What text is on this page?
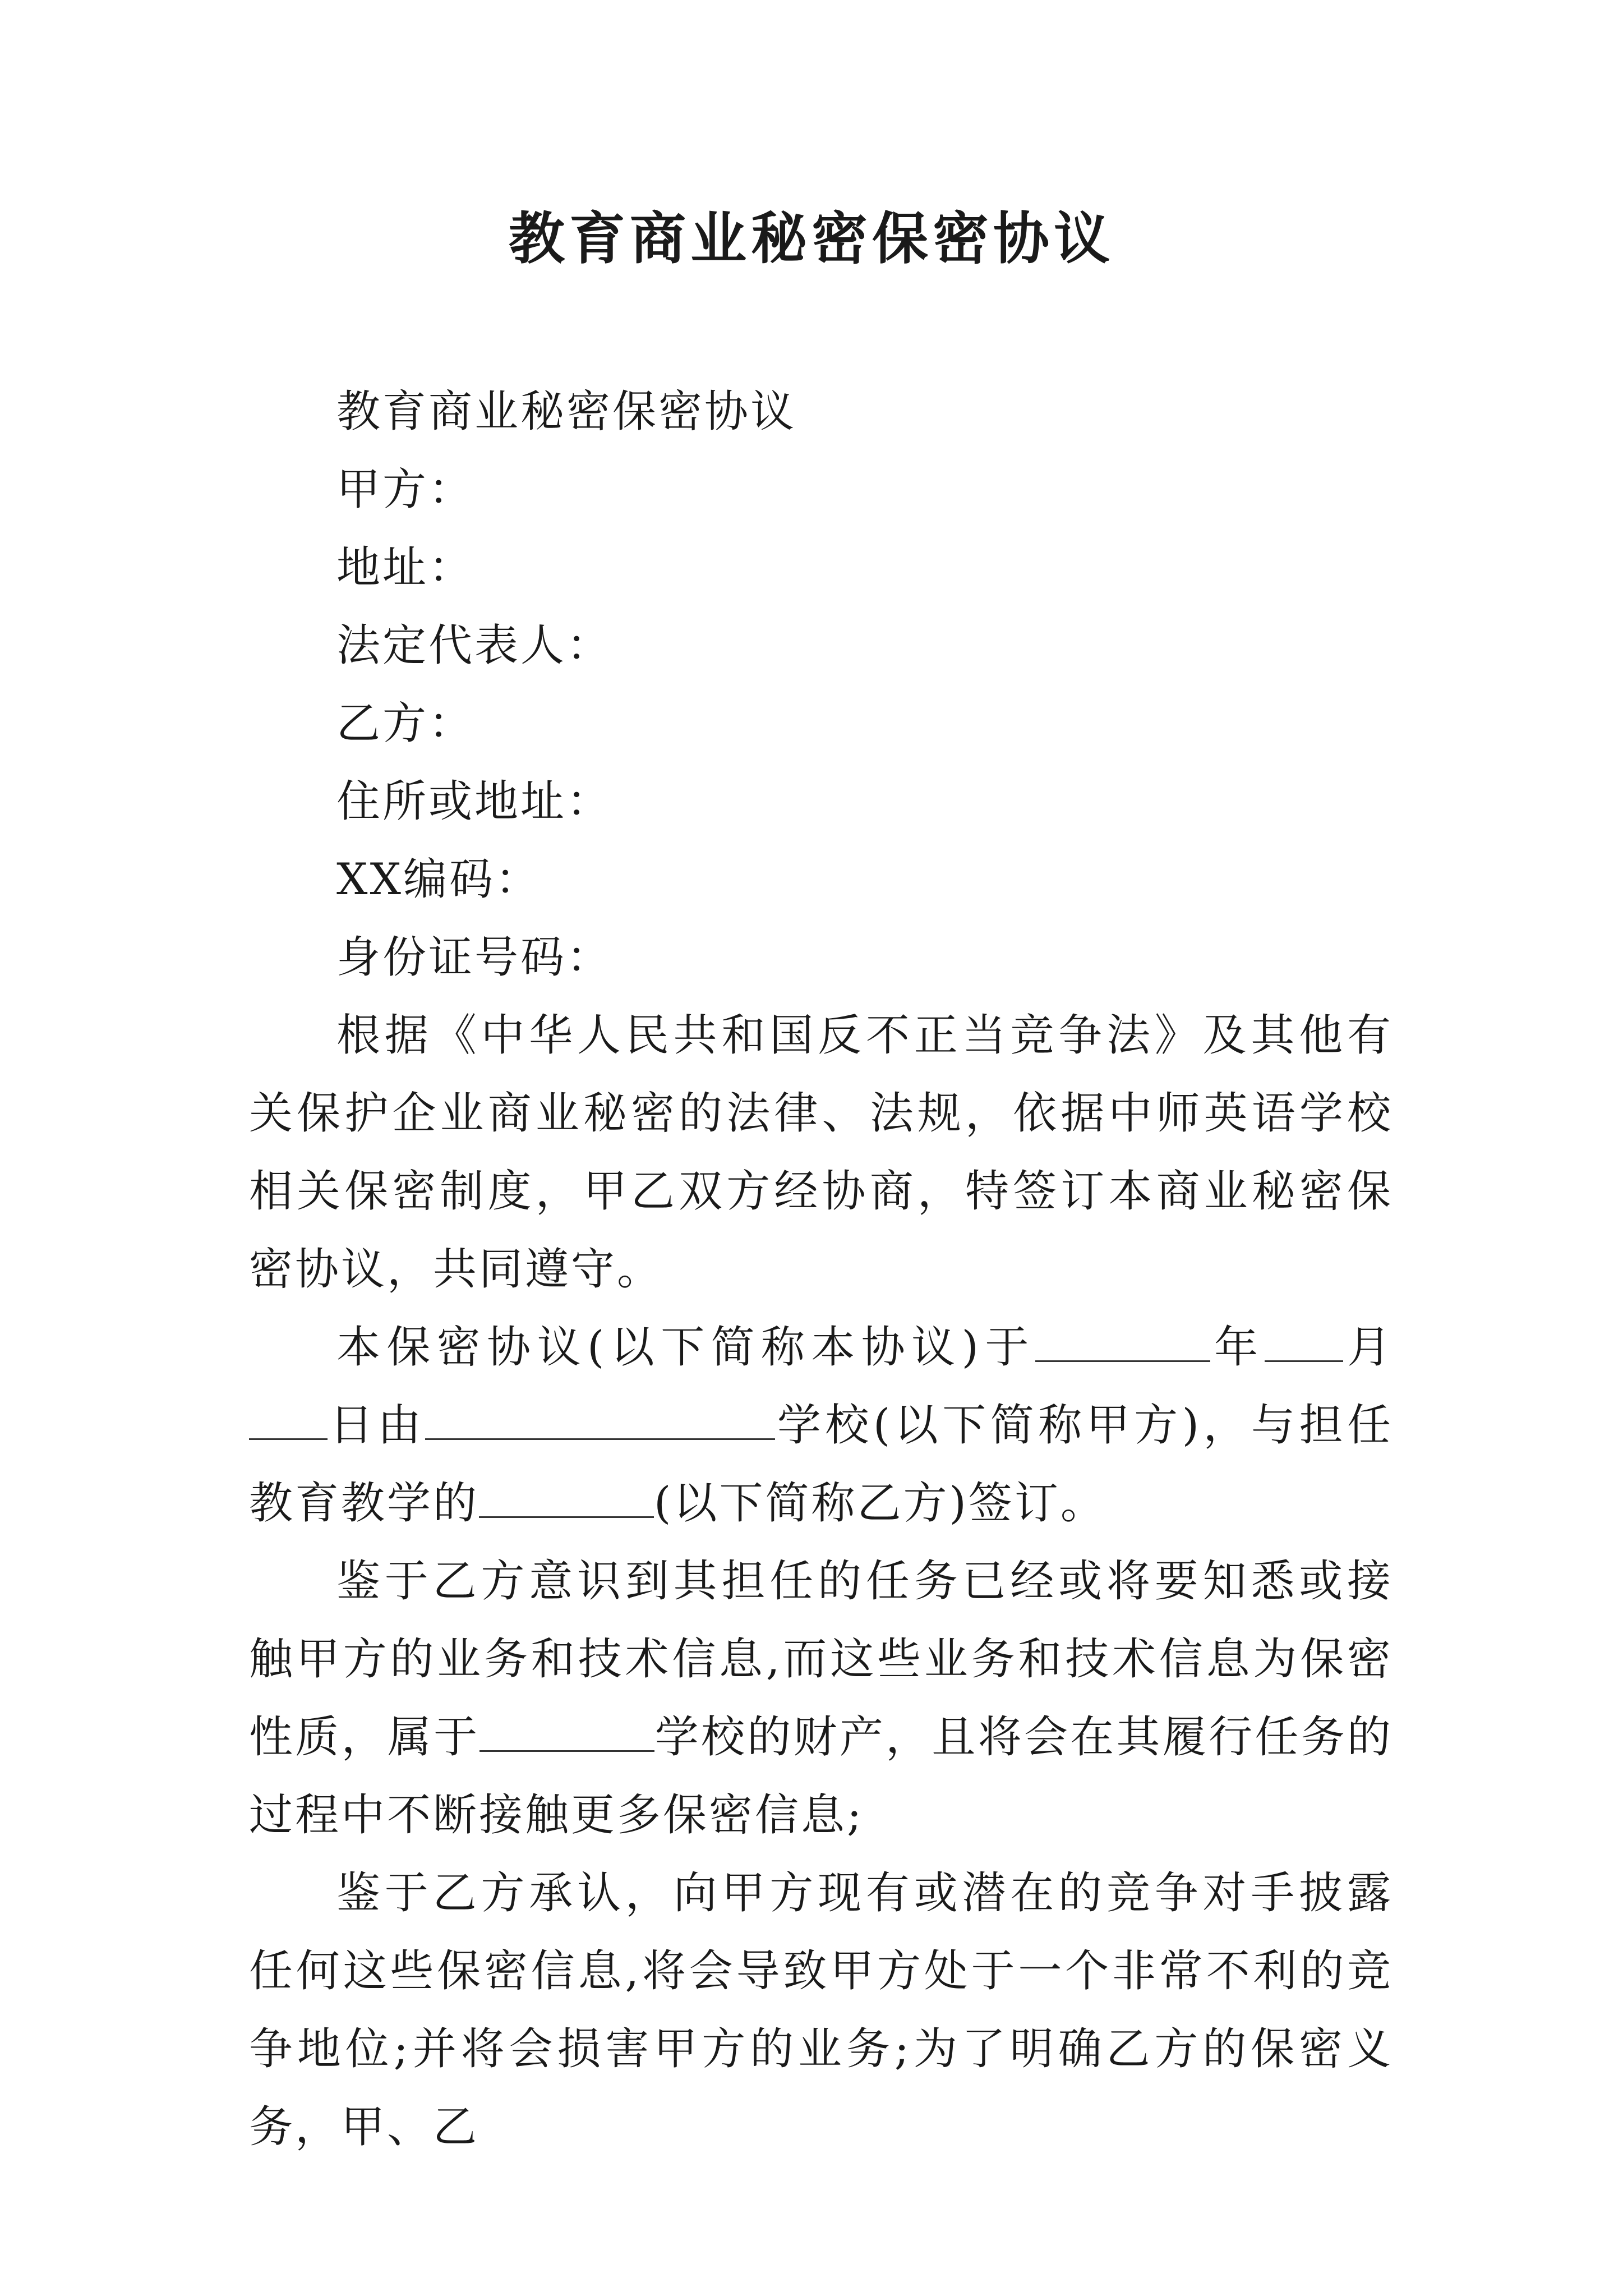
教育商业秘密保密协议

教育商业秘密保密协议

甲方：

地址：

法定代表人：

乙方：

住所或地址：

XX编码：

身份证号码：

根据《中华人民共和国反不正当竞争法》及其他有关保护企业商业秘密的法律、法规，依据中师英语学校相关保密制度，甲乙双方经协商，特签订本商业秘密保密协议，共同遵守。

本保密协议(以下简称本协议)于	年 月日由	学校(以下简称甲方)，与担任教育教学的	(以下简称乙方)签订。

鉴于乙方意识到其担任的任务已经或将要知悉或接触甲方的业务和技术信息,而这些业务和技术信息为保密性质，属于	学校的财产，且将会在其履行任务的过程中不断接触更多保密信息;

鉴于乙方承认，向甲方现有或潜在的竞争对手披露任何这些保密信息,将会导致甲方处于一个非常不利的竞争地位;并将会损害甲方的业务;为了明确乙方的保密义务，甲、乙
